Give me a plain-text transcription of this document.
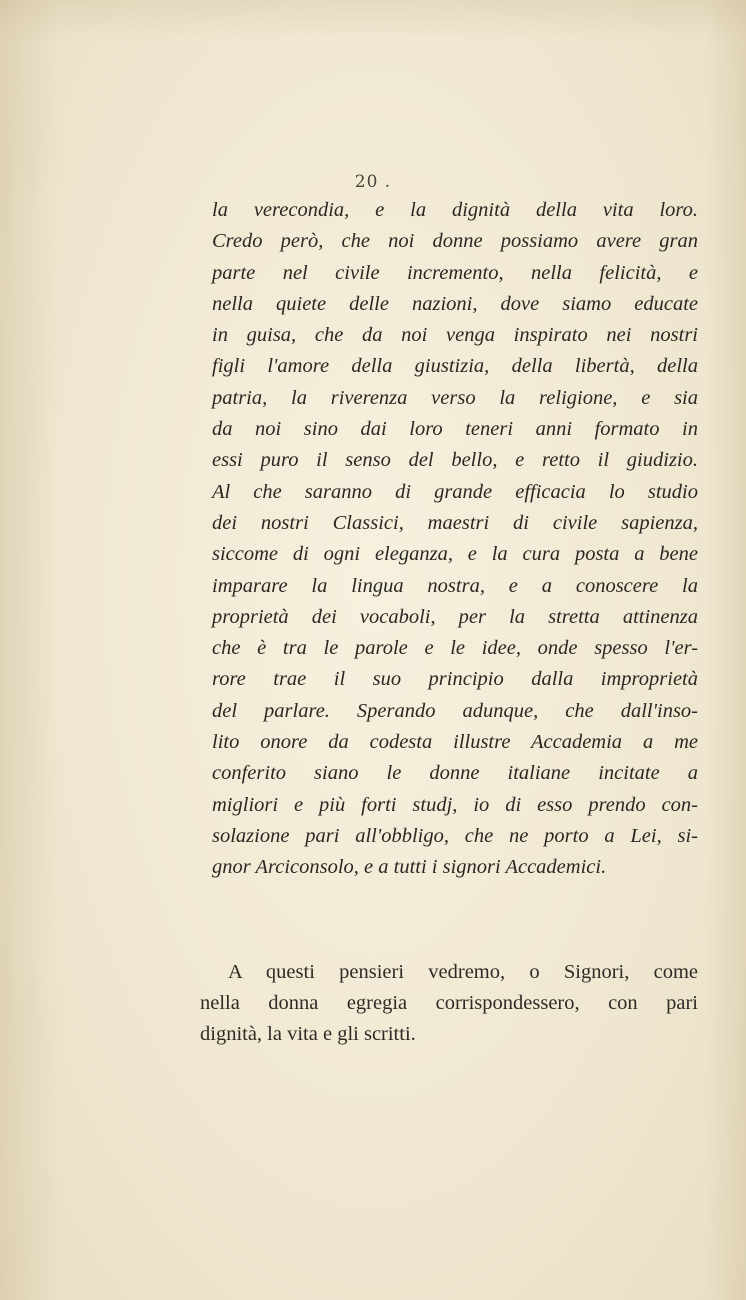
20 .
la verecondia, e la dignità della vita loro.
Credo però, che noi donne possiamo avere gran
parte nel civile incremento, nella felicità, e
nella quiete delle nazioni, dove siamo educate
in guisa, che da noi venga inspirato nei nostri
figli l'amore della giustizia, della libertà, della
patria, la riverenza verso la religione, e sia
da noi sino dai loro teneri anni formato in
essi puro il senso del bello, e retto il giudizio.
Al che saranno di grande efficacia lo studio
dei nostri Classici, maestri di civile sapienza,
siccome di ogni eleganza, e la cura posta a bene
imparare la lingua nostra, e a conoscere la
proprietà dei vocaboli, per la stretta attinenza
che è tra le parole e le idee, onde spesso l'er-
rore trae il suo principio dalla improprietà
del parlare. Sperando adunque, che dall'inso-
lito onore da codesta illustre Accademia a me
conferito siano le donne italiane incitate a
migliori e più forti studj, io di esso prendo con-
solazione pari all'obbligo, che ne porto a Lei, si-
gnor Arciconsolo, e a tutti i signori Accademici.
A questi pensieri vedremo, o Signori, come
nella donna egregia corrispondessero, con pari
dignità, la vita e gli scritti.
